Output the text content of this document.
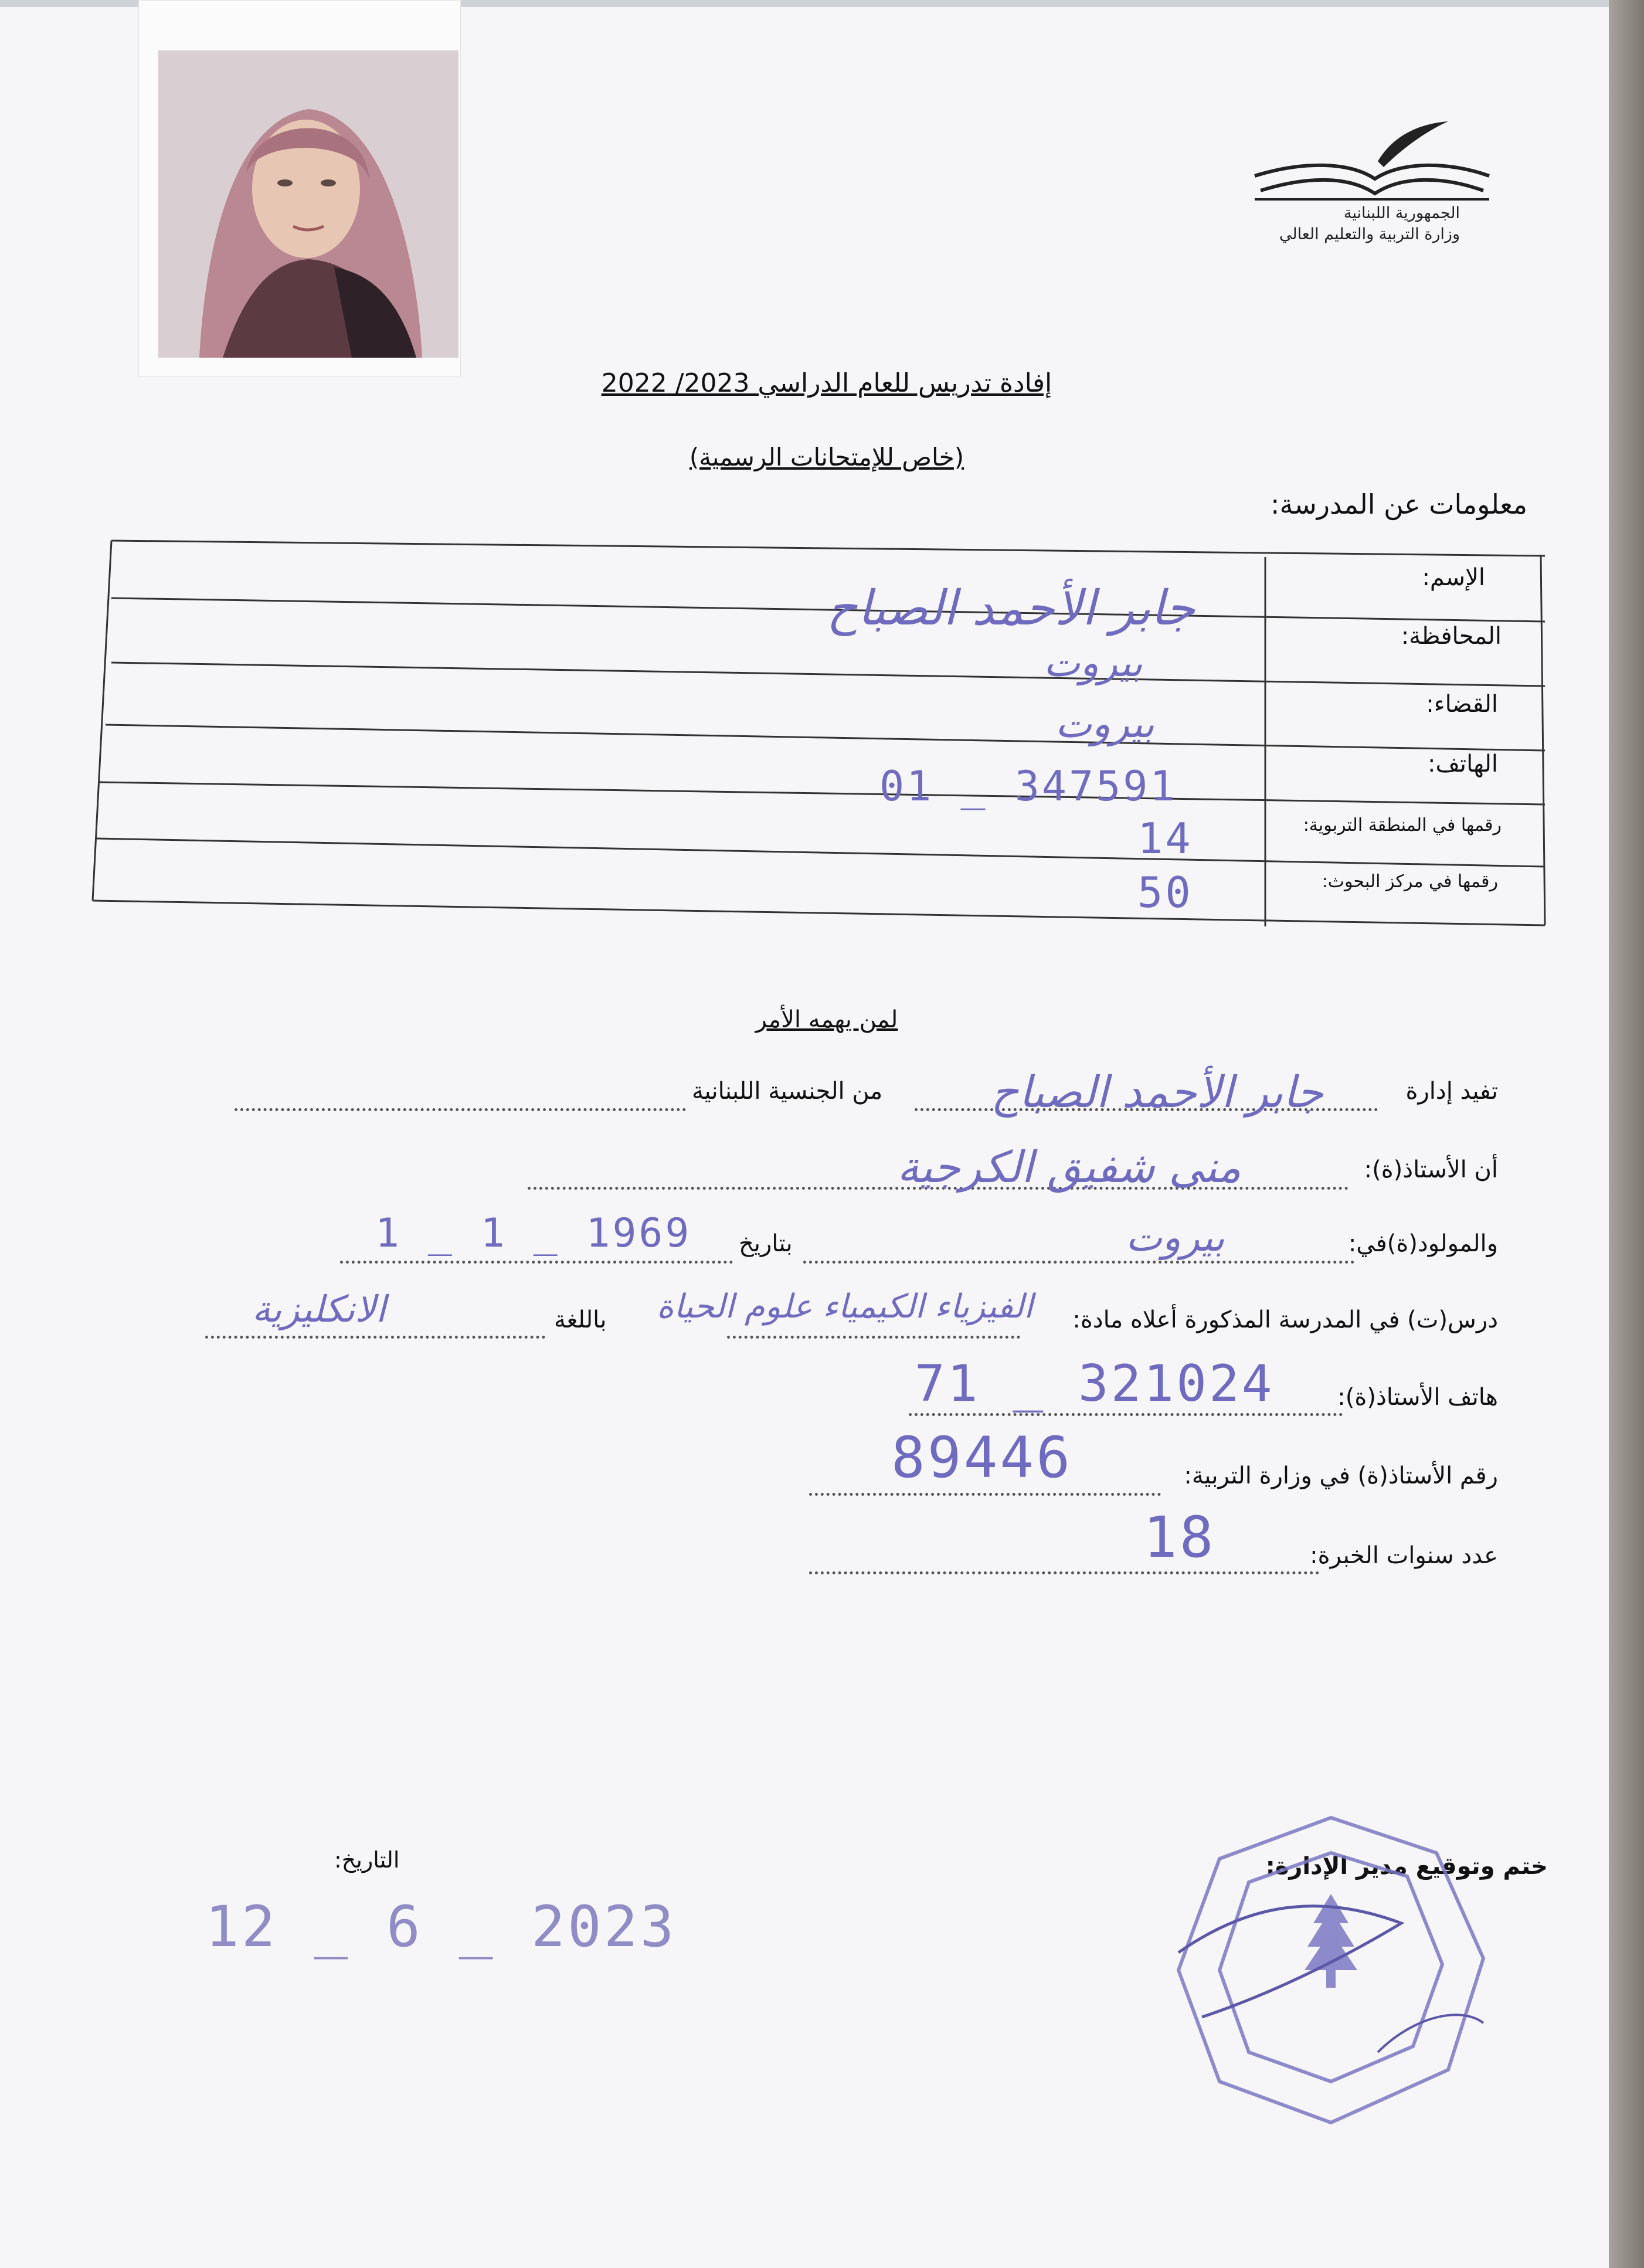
الجمهورية اللبنانية
وزارة التربية والتعليم العالي
إفادة تدريس للعام الدراسي 2023/ 2022
(خاص للإمتحانات الرسمية)
معلومات عن المدرسة:
الإسم:
المحافظة:
القضاء:
الهاتف:
رقمها في المنطقة التربوية:
رقمها في مركز البحوث:
جابر الأحمد الصباح
بيروت
بيروت
01 _ 347591
14
50
لمن يهمه الأمر
تفيد إدارة
جابر الأحمد الصباح
من الجنسية اللبنانية
أن الأستاذ(ة):
منى شفيق الكرجية
والمولود(ة)في:
بيروت
بتاريخ
1 _ 1 _ 1969
درس(ت) في المدرسة المذكورة أعلاه مادة:
الفيزياء الكيمياء علوم الحياة
باللغة
الانكليزية
هاتف الأستاذ(ة):
71 _ 321024
رقم الأستاذ(ة) في وزارة التربية:
89446
عدد سنوات الخبرة:
18
ختم وتوقيع مدير الإدارة:
التاريخ:
12 _ 6 _ 2023
